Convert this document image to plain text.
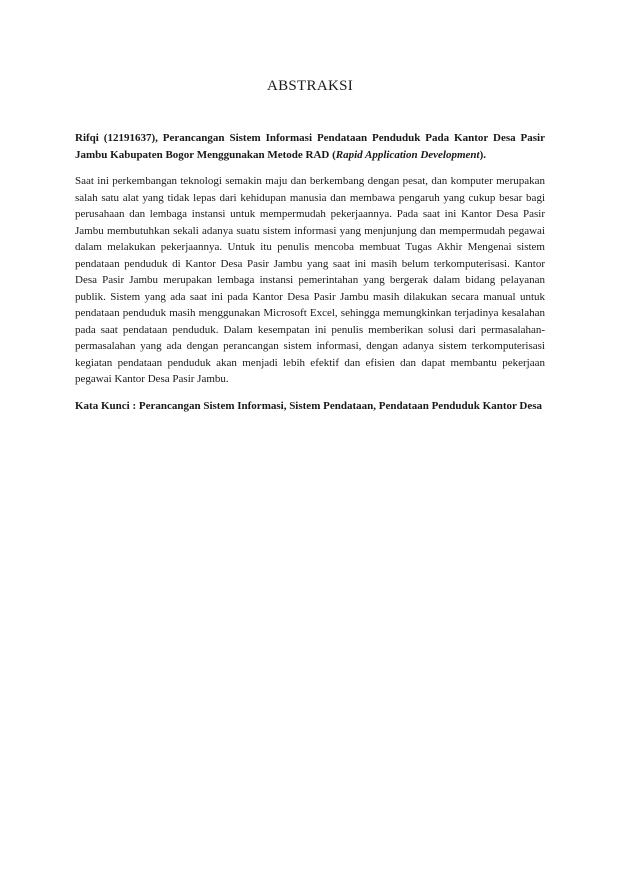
ABSTRAKSI

Rifqi (12191637), Perancangan Sistem Informasi Pendataan Penduduk Pada Kantor Desa Pasir Jambu Kabupaten Bogor Menggunakan Metode RAD (Rapid Application Development).

Saat ini perkembangan teknologi semakin maju dan berkembang dengan pesat, dan komputer merupakan salah satu alat yang tidak lepas dari kehidupan manusia dan membawa pengaruh yang cukup besar bagi perusahaan dan lembaga instansi untuk mempermudah pekerjaannya. Pada saat ini Kantor Desa Pasir Jambu membutuhkan sekali adanya suatu sistem informasi yang menjunjung dan mempermudah pegawai dalam melakukan pekerjaannya. Untuk itu penulis mencoba membuat Tugas Akhir Mengenai sistem pendataan penduduk di Kantor Desa Pasir Jambu yang saat ini masih belum terkomputerisasi. Kantor Desa Pasir Jambu merupakan lembaga instansi pemerintahan yang bergerak dalam bidang pelayanan publik. Sistem yang ada saat ini pada Kantor Desa Pasir Jambu masih dilakukan secara manual untuk pendataan penduduk masih menggunakan Microsoft Excel, sehingga memungkinkan terjadinya kesalahan pada saat pendataan penduduk. Dalam kesempatan ini penulis memberikan solusi dari permasalahan-permasalahan yang ada dengan perancangan sistem informasi, dengan adanya sistem terkomputerisasi kegiatan pendataan penduduk akan menjadi lebih efektif dan efisien dan dapat membantu pekerjaan pegawai Kantor Desa Pasir Jambu.

Kata Kunci : Perancangan Sistem Informasi, Sistem Pendataan, Pendataan Penduduk Kantor Desa
